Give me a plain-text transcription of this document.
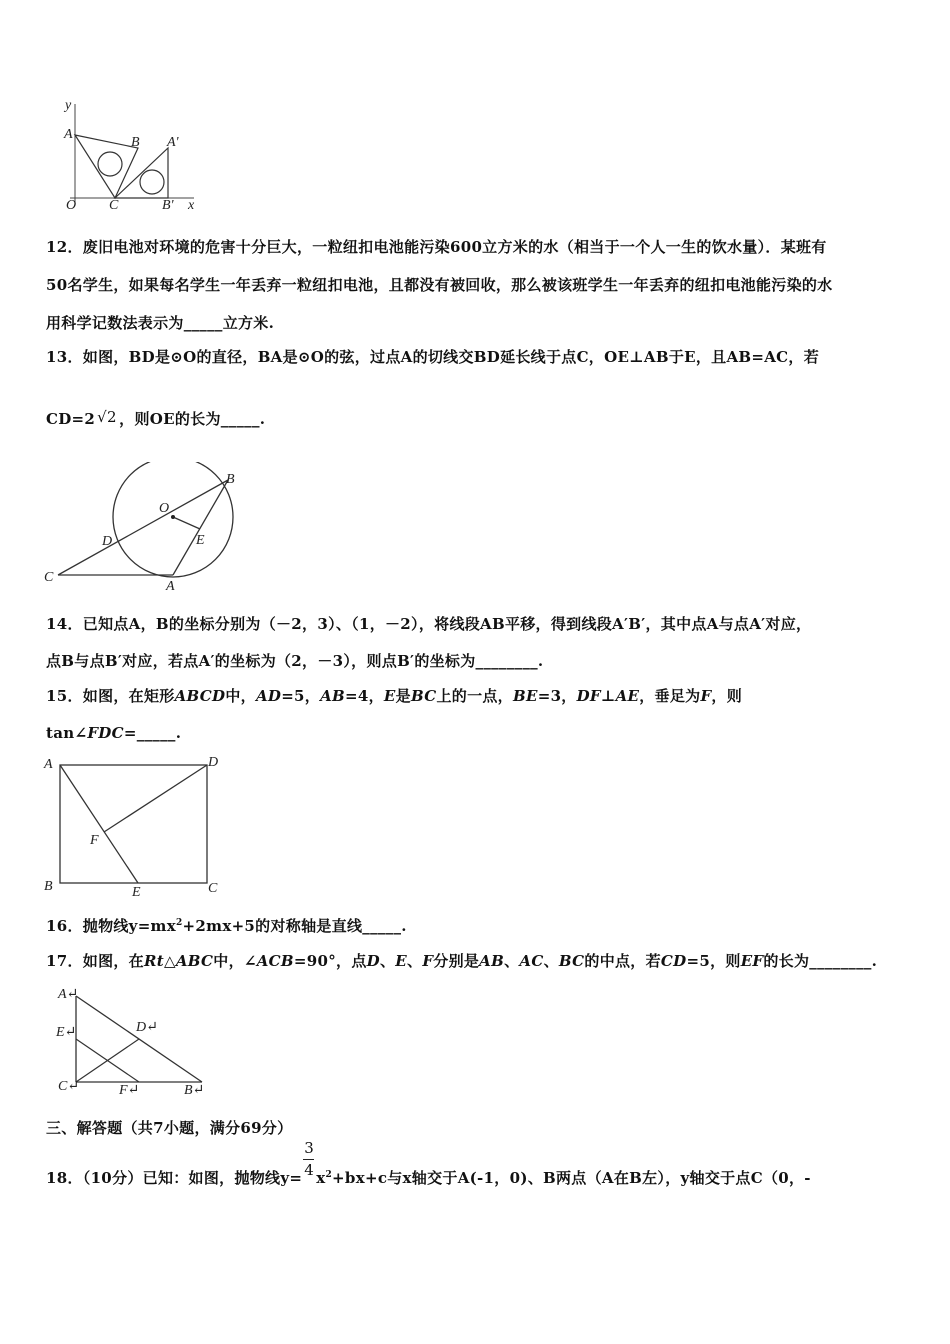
y
A
B A'
O C	B' x
12．废旧电池对环境的危害十分巨大，一粒纽扣电池能污染600立方米的水（相当于一个人一生的饮水量）．某班有
50名学生，如果每名学生一年丢弃一粒纽扣电池，且都没有被回收，那么被该班学生一年丢弃的纽扣电池能污染的水
用科学记数法表示为_____立方米.
13．如图，BD是⊙O的直径，BA是⊙O的弦，过点A的切线交BD延长线于点C，OE⊥AB于E，且AB=AC，若
CD=2 √2 ，则OE的长为_____.
B
O
D	E
C
A
14．已知点A，B的坐标分别为（－2，3）、（1，－2），将线段AB平移，得到线段A′B′，其中点A与点A′对应，
点B与点B′对应，若点A′的坐标为（2，－3），则点B′的坐标为________.
15．如图，在矩形ABCD中，AD=5，AB=4，E是BC上的一点，BE=3，DF⊥AE，垂足为F，则
tan∠FDC=_____.
A	D
F
B	E	C
16．抛物线$y=mx^2+2mx+5$的对称轴是直线_____.
17．如图，在Rt△ABC中，∠ACB=90°，点D、E、F分别是AB、AC、BC的中点，若CD=5，则EF的长为________.
A↵
E↵	D↵
C↵	F↵	B↵
三、解答题（共7小题，满分69分）
18．（10分）已知：如图，抛物线$y= \frac{3}{4} x^2+bx+c$与x轴交于A(-1，0)、B两点（A在B左），y轴交于点C（0，-
